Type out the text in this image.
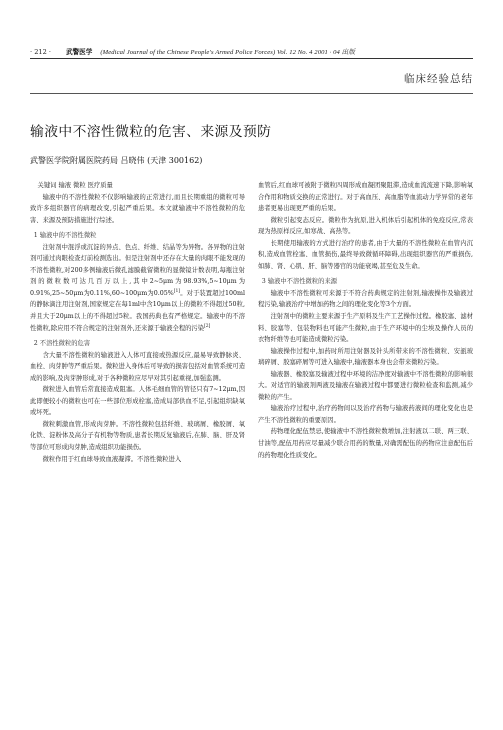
· 212 ·	武警医学 (Medical Journal of the Chinese People's Armed Police Forces) Vol. 12 No. 4 2001 · 04 出版
临床经验总结
输液中不溶性微粒的危害、来源及预防
武警医学院附属医院药局 吕晓伟 (天津 300162)
关键词 输液 微粒 医疗质量
输液中的不溶性微粒不仅影响输液的正常进行,而且长期重组的微粒可导致许多组织器官的病理改变,引起严重后果。本文就输液中不溶性微粒的危害、来源及预防措施进行综述。
1 输液中的不溶性微粒

注射剂中混浮或沉淀的异点、色点、纤维、结晶等为异物。各异物的注射剂可通过肉眼检查灯前检测选出。但是注射剂中还存在大量的肉眼不能发现的不溶性微粒,对200多例输液后微孔滤膜截留微粒的显微镜计数表明,每瓶注射剂的微粒数可达几百万以上,其中2~5μm为98.93%,5~10μm为0.91%,25~50μm为0.11%,60~100μm为0.05%[1]。对于装置超过100ml的静脉滴注用注射剂,国家规定在每1ml中含10μm以上的微粒不得超过50粒,并且大于20μm以上的不得超过5粒。我国药典也有严格规定。输液中的不溶性微粒,除应用不符合规定的注射剂外,还来源于输液全程的污染[2]

2 不溶性微粒的危害

含大量不溶性微粒的输液进入人体可直接或热源反应,最易导致静脉炎、血栓、肉芽肿等严重后果。微粒进入身体后可导致的损害包括对血管系统可造成的影响,及肉芽肿形成,对于各种微粒应尽早对其引起重视,加强监测。

微粒进入血管后常直接造成阻塞。人体毛细血管的管径只有7~12μm,因此即便较小的微粒也可在一些部位形成栓塞,造成局部供血不足,引起组织缺氧或坏死。

微粒刺激血管,形成肉芽肿。不溶性微粒包括纤维、玻璃屑、橡胶屑、氧化铁、淀粉体及高分子有机物等物质,患者长期反复输液后,在肺、脑、肝及肾等部位可形成肉芽肿,造成组织功能损伤。

微粒作用于红血球导致血液凝滞。不溶性微粒进入

血管后,红血球可被附于微粒四周形成血凝团聚阻滞,造成血流流速下降,影响氧合作用和物质交换的正常进行。对于高血压、高血脂等血流动力学异常的老年患者更易出现更严重的后果。

微粒引起变态反应。微粒作为抗原,进入机体后引起机体的免疫反应,常表现为热原样反应,如寒战、高热等。

长期使用输液的方式进行治疗的患者,由于大量的不溶性微粒在血管内沉积,造成血管栓塞、血管损伤,最终导致微循环障碍,出现组织器官的严重损伤,如肺、肾、心肌、肝、脑等器官的功能衰竭,甚至危及生命。

3 输液中不溶性微粒的来源

输液中不溶性微粒可来源于不符合药典规定的注射剂,输液操作及输液过程污染,输液治疗中增加药物之间的理化变化等3个方面。

注射剂中的微粒主要来源于生产原料及生产工艺操作过程。橡胶塞、滤材料、胶塞等、包装物料也可能产生微粒,由于生产环境中的尘埃及操作人员的衣物纤维等也可能造成微粒污染。

输液操作过程中,加药时所用注射器及针头所带来的不溶性微粒、安瓿玻璃碎屑、胶塞碎屑等可进入输液中,输液器本身也会带来微粒污染。

输液器、橡胶塞及输液过程中环境的洁净度对输液中不溶性微粒的影响很大。对适官的输液剂两液及输液在输液过程中都要进行微粒检查和监测,减少微粒的产生。

输液治疗过程中,治疗药物间以及治疗药物与输液药液间的理化变化也是产生不溶性微粒的重要原因。

药物理化配伍禁忌,使输液中不溶性微粒数增加,注射液以二联、两三联、甘油等,配伍用药应尽量减少联合用药的数量,对确需配伍的药物应注意配伍后的药物理化性质变化。
